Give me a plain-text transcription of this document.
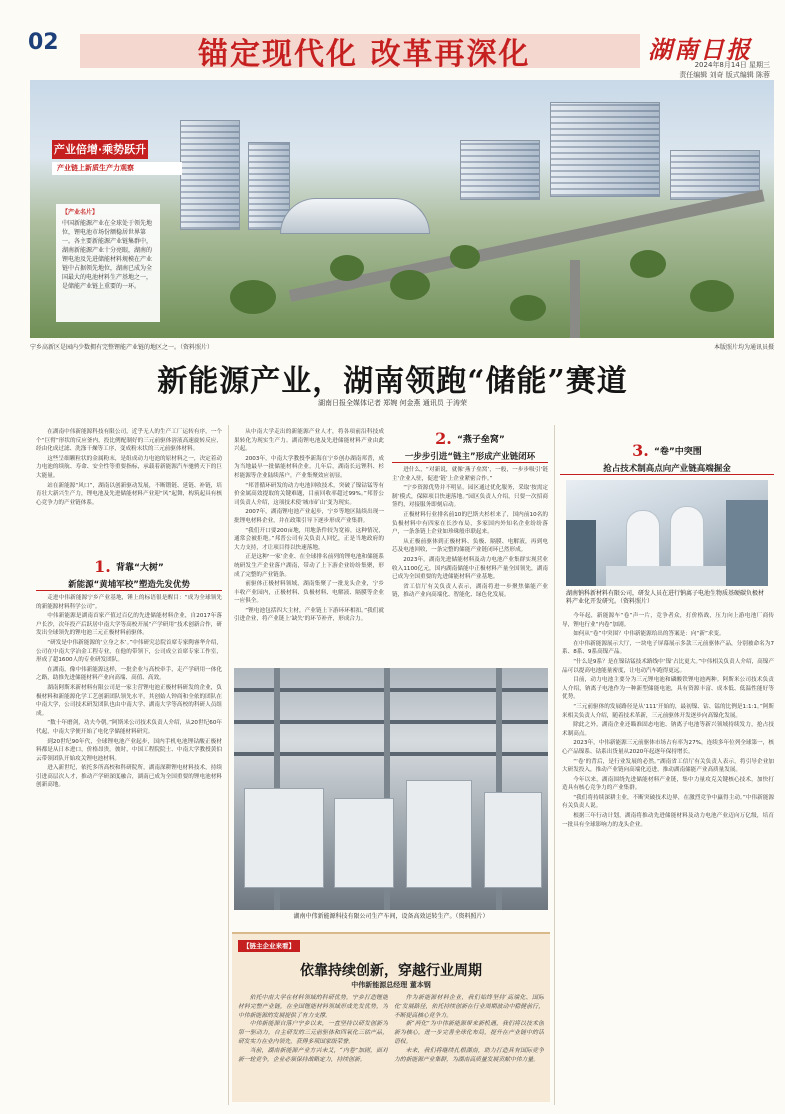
02	锚定现代化 改革再深化	湖南日报
2024年8月14日 星期三
责任编辑 刘奇 版式编辑 陈蓉
产业倍增·乘势跃升
产业链上新质生产力观察
【产业名片】
中国新能源产业在全球处于领先地位，锂电池市场份额稳居世界第一。各主要新能源产业链集群中，湖南新能源产业十分亮眼，湖南的锂电池及先进储能材料规模在产业链中占据领先地位，湖南已成为全国最大的电池材料生产基地之一，是储能产业链上重要的一环。
宁乡高新区是园内少数拥有完整锂能产业链的地区之一。（资料照片）	本版照片均为通讯员摄
新能源产业，湖南领跑“储能”赛道
湖南日报全媒体记者 郑婉 何金燕 通讯员 于涛荣

在湖南中伟新能源科技有限公司，近乎无人的生产工厂运转有序，一个个“巨臂”形状的反应釜内，投比例配制好的三元前驱体溶液高速旋转反应，经由化成过滤、洗涤干燥等工序，变成粉末状的三元前驱体材料。

这些呈细颗粒状的金属粉末，是组成动力电池的原材料之一，决定着动力电池的续航、寿命、安全性等重要指标，承载着新能源汽车驰骋天下的巨大能量。

站在新能源“风口”，湖南以创新驱动发展，不断锻链、延链、补链，培育壮大新兴生产力，锂电池及先进储能材料产业迎“风”起舞，构筑起具有核心竞争力的产业链体系。

1. 背靠“大树”
新能源“黄埔军校”塑造先发优势

走进中伟新能源宁乡产业基地，锤上的标语很是醒目：“成为全球领先的新能源材料科学公司”。

中伟新能源是湖南首家产值过百亿的先进储能材料企业，自2017年落户长沙，次年投产后跃居中南大学等高校开展“产学研用”技术创新合作，研发出全球领先的锂电池三元正极材料前驱体。

“研发是中伟新能源的‘立身之本’。”中伟研究总院首席专家陶睿华介绍，公司在中南大学冶金工程专业，在他的带领下，公司成立首席专家工作室，形成了超1600人的专业研发团队。

在湖南，像中伟新能源这样，一批企业与高校牵手，走产学研用一体化之路，助推先进储能材料产业向高端、高值、高效。

湖南阿斯米新材料有限公司是一家主营锂电池正极材料研发的企业，负极材料和新能源化学工艺创新团队领先水平，其创始人钟商和全依的团队在中南大学，公司技术研发团队也由中南大学、湖南大学等高校的科研人员组成。

“数十年磨剑，功夫今朝。”阿斯米公司技术负责人介绍，从20世纪60年代起，中南大学便开始了电化学储能材料研究。

到20世纪90年代，全球锂电池产业起步，国内手机电池锂钴酸正极材料都是从日本进口，价格昂贵。彼时，中国工程院院士、中南大学教授黄伯云带领团队开始攻关锂电池材料。

进入新世纪，依托多所高校和科研院所，湖南深耕锂电材料技术，持续引进高层次人才，推动产学研深度融合，湖南已成为全国重要的锂电池材料创新高地。

从中南大学走出的新能源产业人才，将各项前沿科技成果转化为现实生产力。湖南锂电池及先进储能材料产业由此兴起。

2003年，中南大学教授李新海在宁乡创办湖南邦普，成为当地最早一批储能材料企业。几年后，湖南长远锂科、杉杉能源等企业陆续落户，产业集聚效应初显。

“邦普循环研发的动力电池回收技术，突破了镍钴锰等有价金属高效提取的关键难题，目前回收率超过99%。”邦普公司负责人介绍，这项技术使‘城市矿山’变为现实。

2007年，湖南锂电池产业起步，宁乡等地区陆续出现一批锂电材料企业，并在政策引导下逐步形成产业集群。

“我们开口要200亩地，用地条件较为宽裕，这种情况，通常会被拒绝。”邦普公司有关负责人回忆，正是当地政府的大力支持，才让项目得以快速落地。

正是这种‘一家’企业、在全球排名前列的锂电池和储能系统研发生产企业落户湖南，带动了上下游企业纷纷集聚，形成了完整的产业链条。

前驱体正极材料领域，湖南集聚了一批龙头企业，宁乡丰收产业园内，正极材料、负极材料、电解液、隔膜等企业一应俱全。

“锂电池包括四大主材，产业链上下游环环相扣。”我们就引进企业，将产业链上‘缺失’的环节补齐，形成合力。

2. “燕子垒窝”
一步步引进“链主”形成产业链闭环

进什么，“对新说，就像‘燕子垒窝’，一般，一步步吸引‘链主’企业入驻，促进‘链’上企业紧密合作。”

“宁乡资源优势并不明显，园区通过优化服务，采取‘按需定制’模式，保障项目快速落地。”园区负责人介绍，只要一次招商签约，对接服务即刻启动。

正极材料行业排名前10的巴斯夫杉杉来了，国内前10名的负极材料中有四家在长沙布局，多家国内外知名企业纷纷落户，一条条链上企业如珍珠般串联起来。

从正极前驱体到正极材料、负极、隔膜、电解液，再到电芯及电池回收，一条完整的储能产业链闭环已然形成。

2023年，湖南先进储能材料及动力电池产业集群实现营业收入1100亿元，国内湖南储能中正极材料产量全国领先，湖南已成为全国重要的先进储能材料产业基地。

省工信厅有关负责人表示，湖南将进一步聚焦储能产业链，推动产业向高端化、智能化、绿色化发展。

湖南中伟新能源科技有限公司生产车间，设备高效运转生产。（资料照片）
【链主企业来看】
依靠持续创新，穿越行业周期
中伟新能源总经理 董本钢

依托中南大学在材料领域的科研优势，宁乡打造锂能材料完整产业链，在全国锂能材料领域形成先发优势，为中伟新能源的发展提供了有力支撑。

中伟新能源自落户宁乡以来，一直坚持以研发创新为第一驱动力，自主研发的三元前驱体和四氧化三钴产品，研发实力在业内领先，获得多项国家级荣誉。

当前，湖南新能源产业方兴未艾，“内卷”加剧，面对新一轮竞争，企业必须保持战略定力，持续创新。

作为新能源材料企业，我们始终坚持‘高端化、国际化’发展路径，依托持续创新在行业周期波动中稳健前行，不断提高核心竞争力。

新“两化”为中伟新能源带来新机遇，我们将以技术创新为核心，进一步完善全球化布局，提升在产业链中的话语权。

未来，我们将继续扎根湖南，助力打造具有国际竞争力的新能源产业集群，为湖南高质量发展贡献中伟力量。

3. “卷”中突围
抢占技术制高点向产业链高端掘金
湖南钠科新材料有限公司，研发人员在进行钠离子电池生物质基硬碳负极材料产业化开发研究。（资料照片）

今年起，新能源车“卷”声一片，竞争者众，打价格战，压力向上游电池厂商传导，锂电行业“内卷”加剧。

如何从“卷”中突围？中伟新能源给出的答案是：向“新”求变。

在中伟新能源展示大厅，一块电子屏幕展示多款三元前驱体产品，分别被命名为7系、8系、9系高镍产品。

“什么是9系？是在镍钴锰技术路线中‘镍’占比更大。”中伟相关负责人介绍，高镍产品可以提高电池能量密度，让电动汽车跑得更远。

目前，动力电池主要分为三元锂电池和磷酸铁锂电池两种。阿斯米公司技术负责人介绍，钠离子电池作为一种新型储能电池，具有资源丰富、成本低、低温性能好等优势。

“三元前驱体的发展路径是从‘111’开始的，最初镍、钴、锰的比例是1:1:1。”阿斯米相关负责人介绍，随着技术革新，三元前驱体开发逐步向高镍化发展。

除此之外，湖南企业还瞄准固态电池、钠离子电池等新兴领域持续发力，抢占技术制高点。

2023年，中伟新能源三元前驱体市场占有率为27%，连续多年位列全球第一，核心产品镍系、钴系出货量从2020年起逐年保持增长。

“‘卷’的背后，是行业发展的必然。”湖南省工信厅有关负责人表示，将引导企业加大研发投入，推动产业链向高端化迈进，推动湖南储能产业高质量发展。

今年以来，湖南围绕先进储能材料产业链，集中力量攻克关键核心技术，加快打造具有核心竞争力的产业集群。

“我们将持续深耕主业，不断突破技术边界，在激烈竞争中赢得主动。”中伟新能源有关负责人说。

根据三年行动计划，湖南将推动先进储能材料及动力电池产业迈向万亿级，培育一批具有全球影响力的龙头企业。
